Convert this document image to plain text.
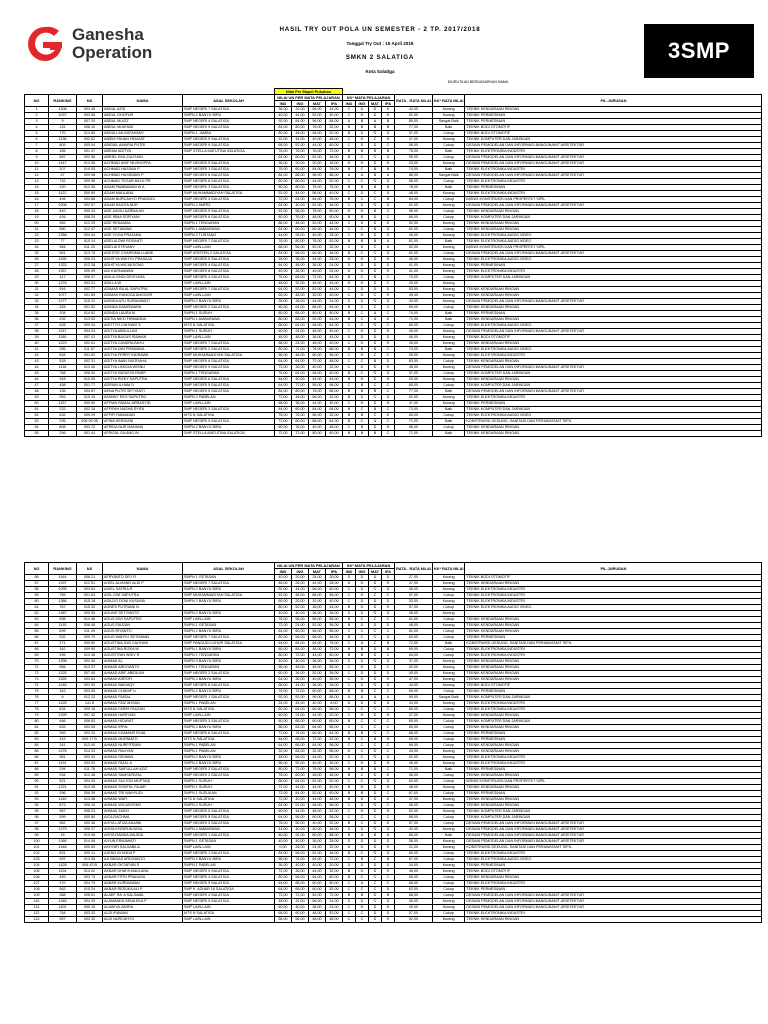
Ganesha
Operation
HASIL TRY OUT POLA UN SEMESTER - 2 TP. 2017/2018
Tanggal Try Out : 15 April 2018
SMKN 2 SALATIGA
Kota Salatiga
DIURUTKAN BERDASARKAN NAMA
3SMP
					Nilai Per Mapel Pukuhan										
NO	RANKING	NS	NAMA	ASAL SEKOLAH	NILAI UN PER MATA PELAJARAN				KK* MATA PELAJARAN				RATA - RATA NILAI	KK* RATA NILAI	PIL.JURUSAN
					IND	ING	MAT	IPA	IND	ING	MAT	IPA			
1	1306	003 46	ABDUL AZIS	SMP NEGERI 7 SALATIGA	36,00	32,00	56,00	44,00	C	D	D	D	42,00	Kurang	TEKNIK KENDARAAN RINGAN
2	1037	003 56	ABDUL GHOFUR	SMPN 2 BANYU BIRU	40,00	44,00	52,00	40,00	C	D	D	D	51,00	Kurang	TEKNIK PERMESINAN
3	9	007 20	ABDUL MUIZZ	SMP NEGERI 4 SALATIGA	92,00	84,00	96,00	84,00	A	B	A	B	89,00	Sangat Baik	TEKNIK PERMESINAN
4	131	008 10	ABDUL MUKHAB	SMP NEGERI 9 SALATIGA	84,00	80,00	76,00	32,00	B	B	B	B	77,00	Baik	TEKNIK BODI OTOMOTIF
5	770	014 85	ABDULLAH ASFAHANY	SMPN 1 JAMBU	80,00	48,00	48,00	52,00	B	D	D	D	57,00	Cukup	TEKNIK BODI OTOMOTIF
6	1138	002 62	ABIEM FAHAN HIDAYAT	SMP NEGERI 9 SALATIGA	32,00	44,00	40,00	48,00	C	D	C	D	47,00	Kurang	TEKNIK KOMPUTER DAN JARINGAN
7	809	005 04	ABIGAIL AMARIA PUTRI	SMP NEGERI 9 SALATIGA	68,00	52,00	44,00	60,00	C	D	D	C	56,00	Cukup	DESAIN PEMODELAN DAN INFORMASI BANGUNAN/T ARSITEKTUR
8	185	001 47	ABRAM ADITYA	SMP STELLA MATUTINA SALATIGA	76,00	76,00	76,00	72,00	B	B	B	B	75,00	Baik	TEKNIK ELEKTRONIKA INDUSTRI
9	687	002 98	ABRIEL EKA ZULFIANI		64,00	60,00	52,00	48,00	B	C	C	D	59,00	Cukup	DESAIN PEMODELAN DAN INFORMASI BANGUNAN/T ARSITEKTUR
10	1447	014 55	ACHMAD ANIF MUSHOFFA	SMP NEGERI 5 SALATIGA	36,00	20,00	20,00	16,00	D	D	D	D	23,00	Kurang	DESAIN PEMODELAN DAN INFORMASI BANGUNAN/T ARSITEKTUR
11	207	010 05	ACHMAD HASSAN P	SMP NEGERI 1 SALATIGA	76,00	60,00	84,00	76,00	B	C	B	B	74,00	Baik	TEKNIK ELEKTRONIKA INDUSTRI
12	27	009 98	ACHMAD HUSSNAIN P	SMP NEGERI 6 SALATIGA	84,00	88,00	96,00	86,00	A	A	B	A	86,00	Sangat Baik	DESAIN PEMODELAN DAN INFORMASI BANGUNAN/T ARSITEKTUR
13	732	009 98	ACHMAD TEGAR BAYU PR	SMP NEGERI 8 SALATIGA	60,00	60,00	44,00	52,00	C	C	D	D	58,00	Cukup	TEKNIK ELEKTRONIKA INDUSTRI
14	120	012 06	ADAM PAMBAWAN W A	SMP NEGERI 3 SALATIGA	80,00	80,00	76,00	76,00	B	B	B	B	78,00	Baik	TEKNIK PERMESINAN
15	1122	000 89	ADAM MAULANA	SMP MUHAMMADIYAH SALATIGA	52,00	44,00	56,00	40,00	C	D	C	D	48,00	Kurang	TEKNIK ELEKTRONIKA INDUSTRI
16	494	004 88	ADAM NURCAHYO PRAMUDI	SMP NEGERI 3 SALATIGA	72,00	64,00	64,00	76,00	B	C	C	B	64,00	Cukup	BISNIS KONSTRUKSI DAN PROPERTI/T SIPIL
17	1006	002 97	ADAM SAGITA NUR	SMPN 2 AMPEL	64,00	40,00	52,00	48,00	C	D	D	D	51,00	Kurang	DESAIN PEMODELAN DAN INFORMASI BANGUNAN/T ARSITEKTUR
18	810	005 43	ADE DAVIU DARMA AN	SMP NEGERI 9 SALATIGA	52,00	56,00	76,00	60,00	D	D	B	C	56,00	Cukup	TEKNIK KENDARAAN RINGAN
19	426	008 20	ADE IRMA SOFIYANI	SMP NEGERI 6 SALATIGA	80,00	76,00	48,00	60,00	B	B	D	C	66,00	Cukup	TEKNIK KOMPUTER DAN JARINGAN
20	962	012 29	ADE RENANDA	SMPN 1 TENGARAN	68,00	48,00	52,00	44,00	C	D	D	D	52,00	Kurang	TEKNIK KENDARAAN RINGAN
21	560	012 47	ADE SETIAWAN	SMPN 1 AMBARAWA	64,00	60,00	80,00	44,00	C	C	B	D	62,00	Cukup	TEKNIK KENDARAAN RINGAN
22	1358	004 44	ADE YOGA PRATAMA	SMPN 2 TUNTANG	44,00	28,00	40,00	28,00	C	D	D	D	40,00	Kurang	TEKNIK ELEKTRONIKA AUDIO VIDEO
23	77	010 14	ADELIA DWI ROSANTI	SMP NEGERI 7 SALATIGA	76,00	80,00	76,00	92,00	B	B	B	A	81,00	Baik	TEKNIK ELEKTRONIKA AUDIO VIDEO
24	964	011 20	ADELIA STEVANY	SMP LAIN-LAIN	68,00	56,00	52,00	32,00	C	D	C	D	52,00	Kurang	BISNIS KONSTRUKSI DAN PROPERTI/T SIPIL
25	561	013 76	ADESTIE CHARISMA LUANE	SMP KRISTEN 2 SALATIGA	84,00	56,00	60,00	48,00	B	C	C	D	62,00	Cukup	DESAIN PEMODELAN DAN INFORMASI BANGUNAN/T ARSITEKTUR
26	1190	006 23	ADHITYA WAHYU PRASAJA	SMP NEGERI 5 SALATIGA	28,00	36,00	44,00	28,00	D	D	D	D	46,00	Kurang	TEKNIK ELEKTRONIKA AUDIO VIDEO
27	1333	012 38	ADHITYA WICAKSONO	SMP NEGERI 4 SALATIGA	64,00	48,00	36,00	24,00	D	D	D	D	41,00	Kurang	TEKNIK PERMESINAN
28	1357	000 09	ADI KURNIAWAN	SMP NEGERI 8 SALATIGA	40,00	36,00	40,00	24,00	D	D	D	D	41,00	Kurang	TEKNIK ELEKTRONIKA INDUSTRI
29	317	006 47	ADILA CINDI DEVIYASA	SMP NEGERI 4 SALATIGA	76,00	68,00	72,00	64,00	B	C	B	C	70,00	Cukup	TEKNIK KOMPUTER DAN JARINGAN
30	1276	003 31	ADILLA W	SMP LAIN-LAIN	48,00	32,00	48,00	44,00	D	D	D	C	43,00	Kurang	
31	916	002 77	ADIMAS BILAL SAPUTRA	SMP NEGERI 7 SALATIGA	64,00	52,00	52,00	44,00	C	D	D	D	53,00	Kurang	TEKNIK KENDARAAN RINGAN
32	1077	001 89	ADIMAS RANGGA ANGGOR	SMP LAIN-LAIN	60,00	48,00	32,00	40,00	C	D	C	D	49,00	Kurang	TEKNIK KENDARAAN RINGAN
33	1277	015 12	ADINDA AYU SURANIWATI	SMPN 2 BANYU BIRU	28,00	36,00	44,00	24,00	D	D	D	D	43,00	Kurang	DESAIN PEMODELAN DAN INFORMASI BANGUNAN/T ARSITEKTUR
34	328	001 52	ADINDA DAMISWARA	SMP NEGERI 2 SALATIGA	80,00	64,00	68,00	64,00	B	C	C	C	69,00	Cukup	TEKNIK KENDARAAN RINGAN
35	204	014 62	ADINDA LAURA M	SMPN 1 SURUH	80,00	68,00	80,00	80,00	B	C	A	C	74,00	Baik	TEKNIK PERMESINAN
36	292	013 53	ADITIA NIKO FIRMANDA	SMPN 1 AMBARAWA	80,00	68,00	92,00	44,00	B	C	A	D	71,00	Baik	TEKNIK KENDARAAN RINGAN
37	628	009 34	ADITTYO CAHYADI S	MTS N SALATIGA	68,00	64,00	48,00	64,00	C	C	D	C	60,00	Cukup	TEKNIK ELEKTRONIKA AUDIO VIDEO
38	1247	004 03	ADITYA ABDULLAH	SMPN 1 SURUH	60,00	24,00	48,00	40,00	C	D	D	D	45,00	Kurang	DESAIN PEMODELAN DAN INFORMASI BANGUNAN/T ARSITEKTUR
39	1180	007 41	ADITYA BAGUS IRAWAN	SMP LAIN-LAIN	48,00	48,00	36,00	44,00	D	D	D	D	46,00	Kurang	TEKNIK BODI OTOMOTIF
40	1223	002 61	ADITYA CANDRA BAYU	SMP NEGERI 7 SALATIGA	68,00	24,00	48,00	40,00	C	D	D	D	45,00	Kurang	TEKNIK KENDARAAN RINGAN
41	285	011 87	ADITYA DWI PRAWANA	SMP NEGERI 2 SALATIGA	80,00	72,00	76,00	68,00	B	B	B	C	74,00	Baik	TEKNIK ELEKTRONIKA AUDIO VIDEO
42	834	001 62	ADITYA FERRY INDRAWA	SMP MUHAMMADIYAH SALATIGA	56,00	48,00	60,00	56,00	C	D	C	C	55,00	Kurang	TEKNIK ELEKTRONIKA INDUSTRI
43	528	002 31	ADITYA IMAN NUGRAHA	SMP NEGERI 6 SALATIGA	64,00	64,00	72,00	48,00	C	C	B	D	63,00	Cukup	TEKNIK KENDARAAN RINGAN
44	1118	013 40	ADITYA LINGGA WISNU	SMP NEGERI 9 SALATIGA	72,00	36,00	40,00	32,00	C	D	D	D	45,00	Kurang	DESAIN PEMODELAN DAN INFORMASI BANGUNAN/T ARSITEKTUR
45	768	008 00	ADITYA NATASYA FAHIR	SMPN 1 TENGARAN	76,00	64,00	48,00	40,00	B	C	D	D	57,00	Cukup	TEKNIK KOMPUTER DAN JARINGAN
46	918	015 05	ADITYA RIZKY SAPUTRA	SMP NEGERI 6 SALATIGA	84,00	40,00	44,00	44,00	B	D	D	D	53,00	Kurang	TEKNIK KENDARAAN RINGAN
47	458	001 77	ADRIAN ILHAM D	SMP NEGERI 5 SALATIGA	64,00	72,00	56,00	68,00	C	B	C	C	65,00	Cukup	TEKNIK KOMPUTER DAN JARINGAN
48	136	004 87	AENA PUTRI SETYANTI	SMP NEGERI 5 SALATIGA	84,00	80,00	76,00	68,00	B	B	B	C	77,00	Baik	DESAIN PEMODELAN DAN INFORMASI BANGUNAN/T ARSITEKTUR
49	953	015 15	AFANDY EKO SAPUTRO	SMPN 2 PABELAN	72,00	48,00	56,00	32,00	B	D	C	D	52,00	Kurang	TEKNIK ELEKTRONIKA INDUSTRI
50	1157	000 60	AFFIAN RAMAL ARRASYID	SMP LAIN-LAIN	68,00	36,00	44,00	40,00	C	D	D	D	47,00	Kurang	TEKNIK PERMESINAN
51	233	002 15	AFFIFAH NASHA SYIFA	SMP NEGERI 3 SALATIGA	84,00	60,00	84,00	64,00	B	C	B	C	73,00	Baik	TEKNIK KOMPUTER DAN JARINGAN
52	632	009 29	AFFIFI RAMADAN	MTS N SALATIGA	76,00	76,00	56,00	32,00	B	B	C	D	60,00	Cukup	TEKNIK ELEKTRONIKA AUDIO VIDEO
53	295	005 09 08	AFINA HERDIANI	SMP NEGERI 9 SALATIGA	72,00	60,00	88,00	64,00	B	C	A	C	71,00	Baik	KONSTRUKSI GEDUNG, SANITASI DAN PERAWATAN/T SIPIL
54	808	003 72	AFRIDA NUR MAHANA	SMPN 2 BANYU BIRU	60,00	76,00	40,00	48,00	C	B	D	D	56,00	Cukup	TEKNIK KENDARAAN RINGAN
55	296	001 44	AFRIZAL GILANG IN	SMP STELLA MATUTINA SALATIGA	72,00	72,00	80,00	60,00	B	B	B	C	71,00	Baik	TEKNIK KENDARAAN RINGAN
NO	RANKING	NS	NAMA	ASAL SEKOLAH	NILAI UN PER MATA PELAJARAN				KK* MATA PELAJARAN				RATA - RATA NILAI	KK* RATA NILAI	PIL.JURUSAN
					IND	ING	MAT	IPA	IND	ING	MAT	IPA			
56	1444	008 21	AFRYANTO DEY R	SMPN 1 GETASAN	40,00	20,00	24,00	20,00	D	D	D	D	27,00	Kurang	TEKNIK BODI OTOMOTIF
57	1397	012 51	AGIEL ALVIANO ALDI P	SMP NEGERI 7 SALATIGA	48,00	28,00	44,00	28,00	D	D	D	D	37,00	Kurang	TEKNIK KENDARAAN RINGAN
58	1095	003 63	AGIEL SATRIA R	SMPN 2 BANYU BIRU	52,00	44,00	56,00	40,00	C	D	C	D	45,00	Kurang	TEKNIK ELEKTRONIKA INDUSTRI
59	769	001 63	AGIL DWI SAPUTRA	SMP MUHAMMADIYAH SALATIGA	52,00	48,00	68,00	56,00	C	D	C	C	57,00	Cukup	TEKNIK ELEKTRONIKA INDUSTRI
60	1386	015 18	AGILDO DONI KUSUMA	SMPN 2 BANYU BIRU	60,00	20,00	32,00	40,00	C	D	D	D	33,00	Kurang	TEKNIK ELEKTRONIKA INDUSTRI
61	767	015 32	AGNES PUTRIANI N		80,00	52,00	36,00	44,00	B	D	D	D	57,00	Cukup	TEKNIK ELEKTRONIKA AUDIO VIDEO
62	1387	000 55	AGUNG SETIYANTO	SMPN 2 BANYU BIRU	40,00	40,00	36,00	36,00	D	D	D	D	38,00	Kurang	
63	598	014 46	AGUS DWI SAPUTRO	SMP LAIN-LAIN	76,00	56,00	56,00	56,00	B	C	C	C	61,00	Cukup	TEKNIK KENDARAAN RINGAN
64	1193	008 48	AGUS FAUZAN	SMPN 1 GETASAN	72,00	24,00	52,00	36,00	B	D	D	D	46,00	Kurang	TEKNIK KENDARAAN RINGAN
65	599	011 49	AGUS RIYANTO	SMPN 2 BANYU BIRU	64,00	60,00	56,00	56,00	C	C	C	C	61,00	Cukup	TEKNIK KENDARAAN RINGAN
66	532	000 79	AGUS WAHYU SETIAWAN	SMP NEGERI 7 SALATIGA	80,00	56,00	68,00	48,00	B	C	C	D	63,00	Cukup	TEKNIK PERMESINAN
67	271	009 82	AGUSTINA DWI CAHYANI	SMP PANGUDI LUHUR SALATIGA	64,00	84,00	64,00	76,00	C	A	C	B	72,00	Baik	KONSTRUKSI GEDUNG, SANITASI DAN PERAWATAN/T SIPIL
68	342	009 90	AGUSTINA RIZKA W	SMPN 1 BANYU BIRU	80,00	84,00	48,00	72,00	B	B	D	B	69,00	Cukup	TEKNIK ELEKTRONIKA INDUSTRI
69	495	013 38	AGUSTIYAN WIDY R	SMPN 1 TENGARAN	80,00	72,00	44,00	60,00	B	B	D	C	64,00	Cukup	TEKNIK ELEKTRONIKA INDUSTRI
70	1398	002 06	AHMAD AL	SMPN 3 BANYU BIRU	40,00	40,00	36,00	36,00	D	D	D	D	37,00	Kurang	TEKNIK KENDARAAN RINGAN
71	966	013 37	AHMAD ARDIYANTO	SMPN 1 TENGARAN	56,00	48,00	48,00	56,00	C	D	D	C	52,00	Kurang	TEKNIK KENDARAAN RINGAN
72	1225	007 45	AHMAD ARIF ABIDILAH	SMP NEGERI 2 SALATIGA	60,00	36,00	52,00	36,00	C	D	D	D	45,00	Kurang	TEKNIK KENDARAAN RINGAN
73	1159	003 64	AHMAD ASROFI	SMPN 2 BANYU BIRU	64,00	36,00	40,00	36,00	C	D	D	D	47,00	Kurang	TEKNIK KENDARAAN RINGAN
74	1246	001 93	AHMAD BAIHAQY	SMP NEGERI 8 SALATIGA	68,00	44,00	36,00	28,00	C	D	D	D	44,00	Kurang	TEKNIK BODI OTOMOTIF
75	343	003 65	AHMAD CHANIF U	SMPN 2 BANYU BIRU	76,00	72,00	60,00	68,00	B	B	C	C	69,00	Cukup	TEKNIK PERMESINAN
76	6	012 12	AHMAD FAISAL	SMP NEGERI 1 SALATIGA	92,00	92,00	96,00	88,00	A	A	A	A	90,00	Sangat Baik	TEKNIK KOMPUTER DAN JARINGAN
77	1425	141 8	AHMAD FAIZ AHSAN	SMPN 1 PABELAN	24,00	44,00	40,00	8,00	D	D	D	D	34,00	Kurang	TEKNIK ELEKTRONIKA INDUSTRI
78	634	009 16	AHMAD FARIH FAUZAN	MTS N SALATIGA	60,00	64,00	60,00	56,00	C	C	C	C	60,00	Cukup	TEKNIK ELEKTRONIKA INDUSTRI
79	1399	007 42	AHMAD HARIYADI	SMP LAIN-LAIN	60,00	24,00	44,00	20,00	C	D	D	D	37,00	Kurang	TEKNIK KENDARAAN RINGAN
80	466	006 83	AHMAD HIDAYAT	SMP NEGERI 3 SALATIGA	80,00	68,00	60,00	60,00	B	C	C	C	65,00	Cukup	TEKNIK KOMPUTER DAN JARINGAN
81	633	003 59	AHMAD IRFAI	SMPN 2 BANYU BIRU	56,00	64,00	64,00	56,00	C	C	C	C	60,00	Cukup	TEKNIK KENDARAAN RINGAN
82	369	003 20	AHMAD KHAMAIR RIJAL	SMP NEGERI 6 SALATIGA	72,00	76,00	60,00	64,00	B	B	C	C	68,00	Cukup	TEKNIK PERMESINAN
83	319	009 17 B	AHMAD MURNIATO	MTS N SALATIGA	84,00	68,00	72,00	52,00	B	C	B	D	69,00	Cukup	TEKNIK PERMESINAN
84	341	013 40	AHMAD NURFITRIAN	SMPN 1 PABELAN	64,00	68,00	64,00	56,00	C	C	C	C	69,00	Cukup	TEKNIK KENDARAAN RINGAN
85	1278	014 33	AHMAD RAUYAN	SMPN 1 PABELAN	32,00	64,00	32,00	56,00	D	C	D	C	43,00	Kurang	TEKNIK KENDARAAN RINGAN
86	961	003 94	AHMAD RIDWAN	SMPN 2 BANYU BIRU	48,00	56,00	44,00	52,00	D	C	D	D	52,00	Kurang	TEKNIK ELEKTRONIKA INDUSTRI
87	1191	003 92	AHMAD RIZAL A	SMPN 2 BANYU BIRU	56,00	52,00	40,00	36,00	C	D	D	D	46,00	Kurang	TEKNIK ELEKTRONIKA INDUSTRI
88	294	011 78	AHMAD SAIFULLAH AZIZ	SMP NEGERI 2 SALATIGA	80,00	72,00	76,00	56,00	B	B	B	C	71,00	Baik	TEKNIK PERMESINAN
89	934	012 48	AHMAD SAMSURIZAL	SMP NEGERI 3 SALATIGA	76,00	60,00	48,00	48,00	B	C	D	D	56,00	Cukup	TEKNIK KENDARAAN RINGAN
90	521	004 05	AHMAD SULTON MUFTAQI	SMPN 1 SURUH	68,00	64,00	52,00	52,00	C	C	D	D	63,00	Cukup	BISNIS KONSTRUKSI DAN PROPERTI/T SIPIL
91	1221	013 08	AHMAD SYAIFUL FAJAR	SMPN 1 SURUH	72,00	44,00	44,00	40,00	B	D	D	D	46,00	Kurang	TEKNIK KENDARAAN RINGAN
92	396	006 39	AHMAD TRI WAHYUDI	SMPN 1 SUSUKAN	72,00	84,00	52,00	60,00	B	B	D	C	67,00	Cukup	TEKNIK PERMESINAN
93	1140	013 58	AHMAD WAFI	MTS N SALATIGA	72,00	40,00	44,00	48,00	B	D	D	D	47,00	Kurang	TEKNIK KENDARAAN RINGAN
94	873	006 15	AHMAD WICAKSONO	SMPN 2 SURUH	64,00	52,00	48,00	56,00	C	D	D	C	55,00	Cukup	TEKNIK KENDARAAN RINGAN
95	967	008 23	AHMAD ZAKKI	SMP NEGERI 5 SALATIGA	60,00	44,00	48,00	52,00	C	D	D	D	52,00	Kurang	TEKNIK KOMPUTER DAN JARINGAN
96	599	000 80	AICA RACHMA	SMP NEGERI 5 SALATIGA	64,00	56,00	60,00	56,00	C	C	C	C	58,00	Cukup	TEKNIK KOMPUTER DAN JARINGAN
97	962	000 36	AISYA LATIZA ANJANI	SMP NEGERI 3 SALATIGA	76,00	56,00	40,00	52,00	B	C	D	D	57,00	Cukup	DESAIN PEMODELAN DAN INFORMASI BANGUNAN/T ARSITEKTUR
98	1279	006 27	AISYA KHOIRUN NISA	SMPN 2 AMBARAWA	44,00	40,00	40,00	48,00	D	D	D	D	42,00	Kurang	DESAIN PEMODELAN DAN INFORMASI BANGUNAN/T ARSITEKTUR
99	15	010 08	AISYA RAMDA MAJIDA	SMP NEGERI 1 SALATIGA	80,00	92,00	80,00	88,00	B	A	B	A	85,00	Baik	DESAIN PEMODELAN DAN INFORMASI BANGUNAN/T ARSITEKTUR
100	1366	014 46	AIYUN ERMAWATI	SMPN 1 GETASAN	40,00	40,00	36,00	28,00	D	D	D	D	36,00	Kurang	DESAIN PEMODELAN DAN INFORMASI BANGUNAN/T ARSITEKTUR
101	1448	000 83	AKHYAR SALSABILA	SMP LAIN-LAIN	0,00	28,00	24,00	32,00	D	D	D	D	21,00	Kurang	KONSTRUKSI GEDUNG, SANITASI DAN PERAWATAN/T SIPIL
102	631	000 11	AJENG AYUNDA P	SMP NEGERI 1 SALATIGA	84,00	56,00	52,00	48,00	B	C	D	D	60,00	Cukup	TEKNIK ELEKTRONIKA INDUSTRI
103	397	013 36	AJI BAGAS ARDIYANTO	SMPN 2 BANYU BIRU	56,00	76,00	64,00	72,00	C	B	C	B	67,00	Cukup	TEKNIK ELEKTRONIKA AUDIO VIDEO
104	1428	008 43 B	AKBAR OKTAFIAN S	SMPN 1 PABELAN	36,00	40,00	40,00	20,00	D	D	D	D	34,00	Kurang	TEKNIK PERMESINAN
105	1194	014 02	AKBAR DHAFA MAULANA	SMP NEGERI 9 SALATIGA	72,00	36,00	44,00	32,00	B	D	D	D	46,00	Kurang	TEKNIK BODI OTOMOTIF
106	459	003 73	AKBAR FITRI PRAKASA	SMP NEGERI 4 SALATIGA	80,00	56,00	64,00	60,00	B	C	C	C	65,00	Cukup	TEKNIK KENDARAAN RINGAN
107	370	004 79	AKBAR KURNIAWAN	SMP NEGERI 9 SALATIGA	64,00	88,00	60,00	60,00	C	A	C	C	68,00	Cukup	TEKNIK ELEKTRONIKA INDUSTRI
108	563	015 24	AKBAR RESUKA ALI P	SMP K. AZHAR 18 SALATIGA	64,00	68,00	60,00	52,00	C	C	C	D	62,00	Cukup	TEKNIK PERMESINAN
109	368	006 61	ALAEF RA' A SALSABIL	SMP NEGERI 4 SALATIGA	72,00	72,00	52,00	72,00	B	B	D	B	68,00	Cukup	DESAIN PEMODELAN DAN INFORMASI BANGUNAN/T ARSITEKTUR
110	1346	004 39	ALAMANDA SENA EKA P	SMP NEGERI 9 SALATIGA	48,00	32,00	56,00	24,00	D	D	C	D	40,00	Kurang	DESAIN PEMODELAN DAN INFORMASI BANGUNAN/T ARSITEKTUR
111	1401	000 15	ALAWIYA ZAHRA	SMP LAIN-LAIN	60,00	40,00	36,00	24,00	C	D	D	D	40,00	Kurang	DESAIN PEMODELAN DAN INFORMASI BANGUNAN/T ARSITEKTUR
112	764	003 32	ALDI IRAWAN	MTS N SALATIGA	68,00	60,00	48,00	52,00	C	C	D	D	57,00	Cukup	TEKNIK ELEKTRONIKA INDUSTRI
113	957	003 30	ALDI NURCAHYO	SMP LAIN-LAIN	56,00	56,00	48,00	48,00	C	C	D	D	52,00	Kurang	TEKNIK KENDARAAN RINGAN
